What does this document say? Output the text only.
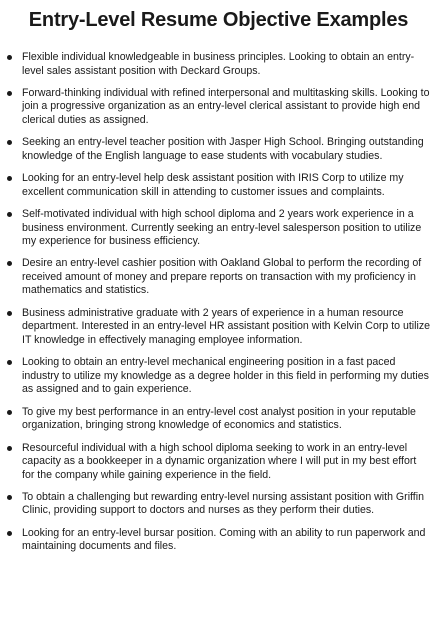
Entry-Level Resume Objective Examples
Flexible individual knowledgeable in business principles. Looking to obtain an entry-level sales assistant position with Deckard Groups.
Forward-thinking individual with refined interpersonal and multitasking skills. Looking to join a progressive organization as an entry-level clerical assistant to provide high end clerical duties as assigned.
Seeking an entry-level teacher position with Jasper High School. Bringing outstanding knowledge of the English language to ease students with vocabulary studies.
Looking for an entry-level help desk assistant position with IRIS Corp to utilize my excellent communication skill in attending to customer issues and complaints.
Self-motivated individual with high school diploma and 2 years work experience in a business environment. Currently seeking an entry-level salesperson position to utilize my experience for business efficiency.
Desire an entry-level cashier position with Oakland Global to perform the recording of received amount of money and prepare reports on transaction with my proficiency in mathematics and statistics.
Business administrative graduate with 2 years of experience in a human resource department. Interested in an entry-level HR assistant position with Kelvin Corp to utilize IT knowledge in effectively managing employee information.
Looking to obtain an entry-level mechanical engineering position in a fast paced industry to utilize my knowledge as a degree holder in this field in performing my duties as assigned and to gain experience.
To give my best performance in an entry-level cost analyst position in your reputable organization, bringing strong knowledge of economics and statistics.
Resourceful individual with a high school diploma seeking to work in an entry-level capacity as a bookkeeper in a dynamic organization where I will put in my best effort for the company while gaining experience in the field.
To obtain a challenging but rewarding entry-level nursing assistant position with Griffin Clinic, providing support to doctors and nurses as they perform their duties.
Looking for an entry-level bursar position. Coming with an ability to run paperwork and maintaining documents and files.
